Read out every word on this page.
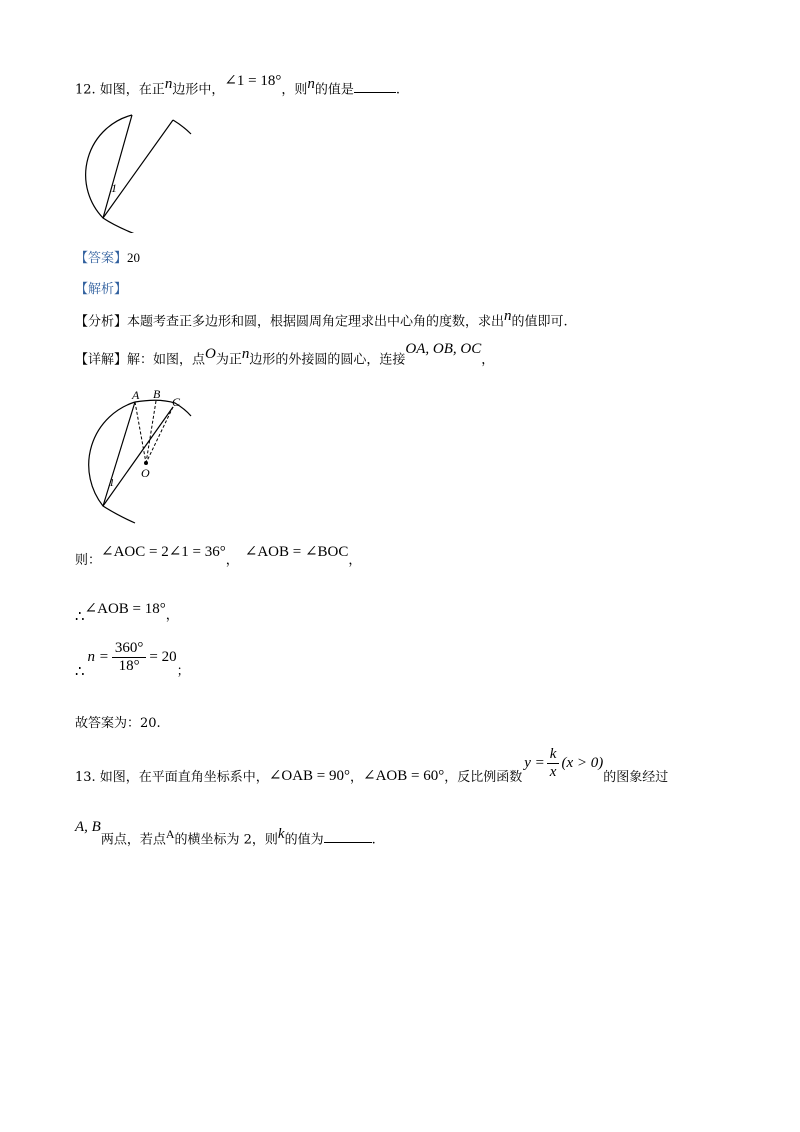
12. 如图，在正$^n$边形中，∠1 = 18°，则$^n$的值是	.
1
【答案】20
【解析】
【分析】本题考查正多边形和圆，根据圆周角定理求出中心角的度数，求出$^n$的值即可.
【详解】解：如图，点$^O$为正$^n$边形的外接圆的圆心，连接OA, OB, OC，
A B
C
O
1
则：∠AOC = 2∠1 = 36°，∠AOB = ∠BOC，
∴∠AOB = 18°，
∴
$n = \frac{360^\circ}{18^\circ} = 20$
；
故答案为：20.
13. 如图，在平面直角坐标系中， ∠OAB = 90° ， ∠AOB = 60° ，反比例函数
$y = \frac{k}{x} (x > 0)$
的图象经过
A, B两点，若点$^A$的横坐标为 2，则$^k$的值为	.
